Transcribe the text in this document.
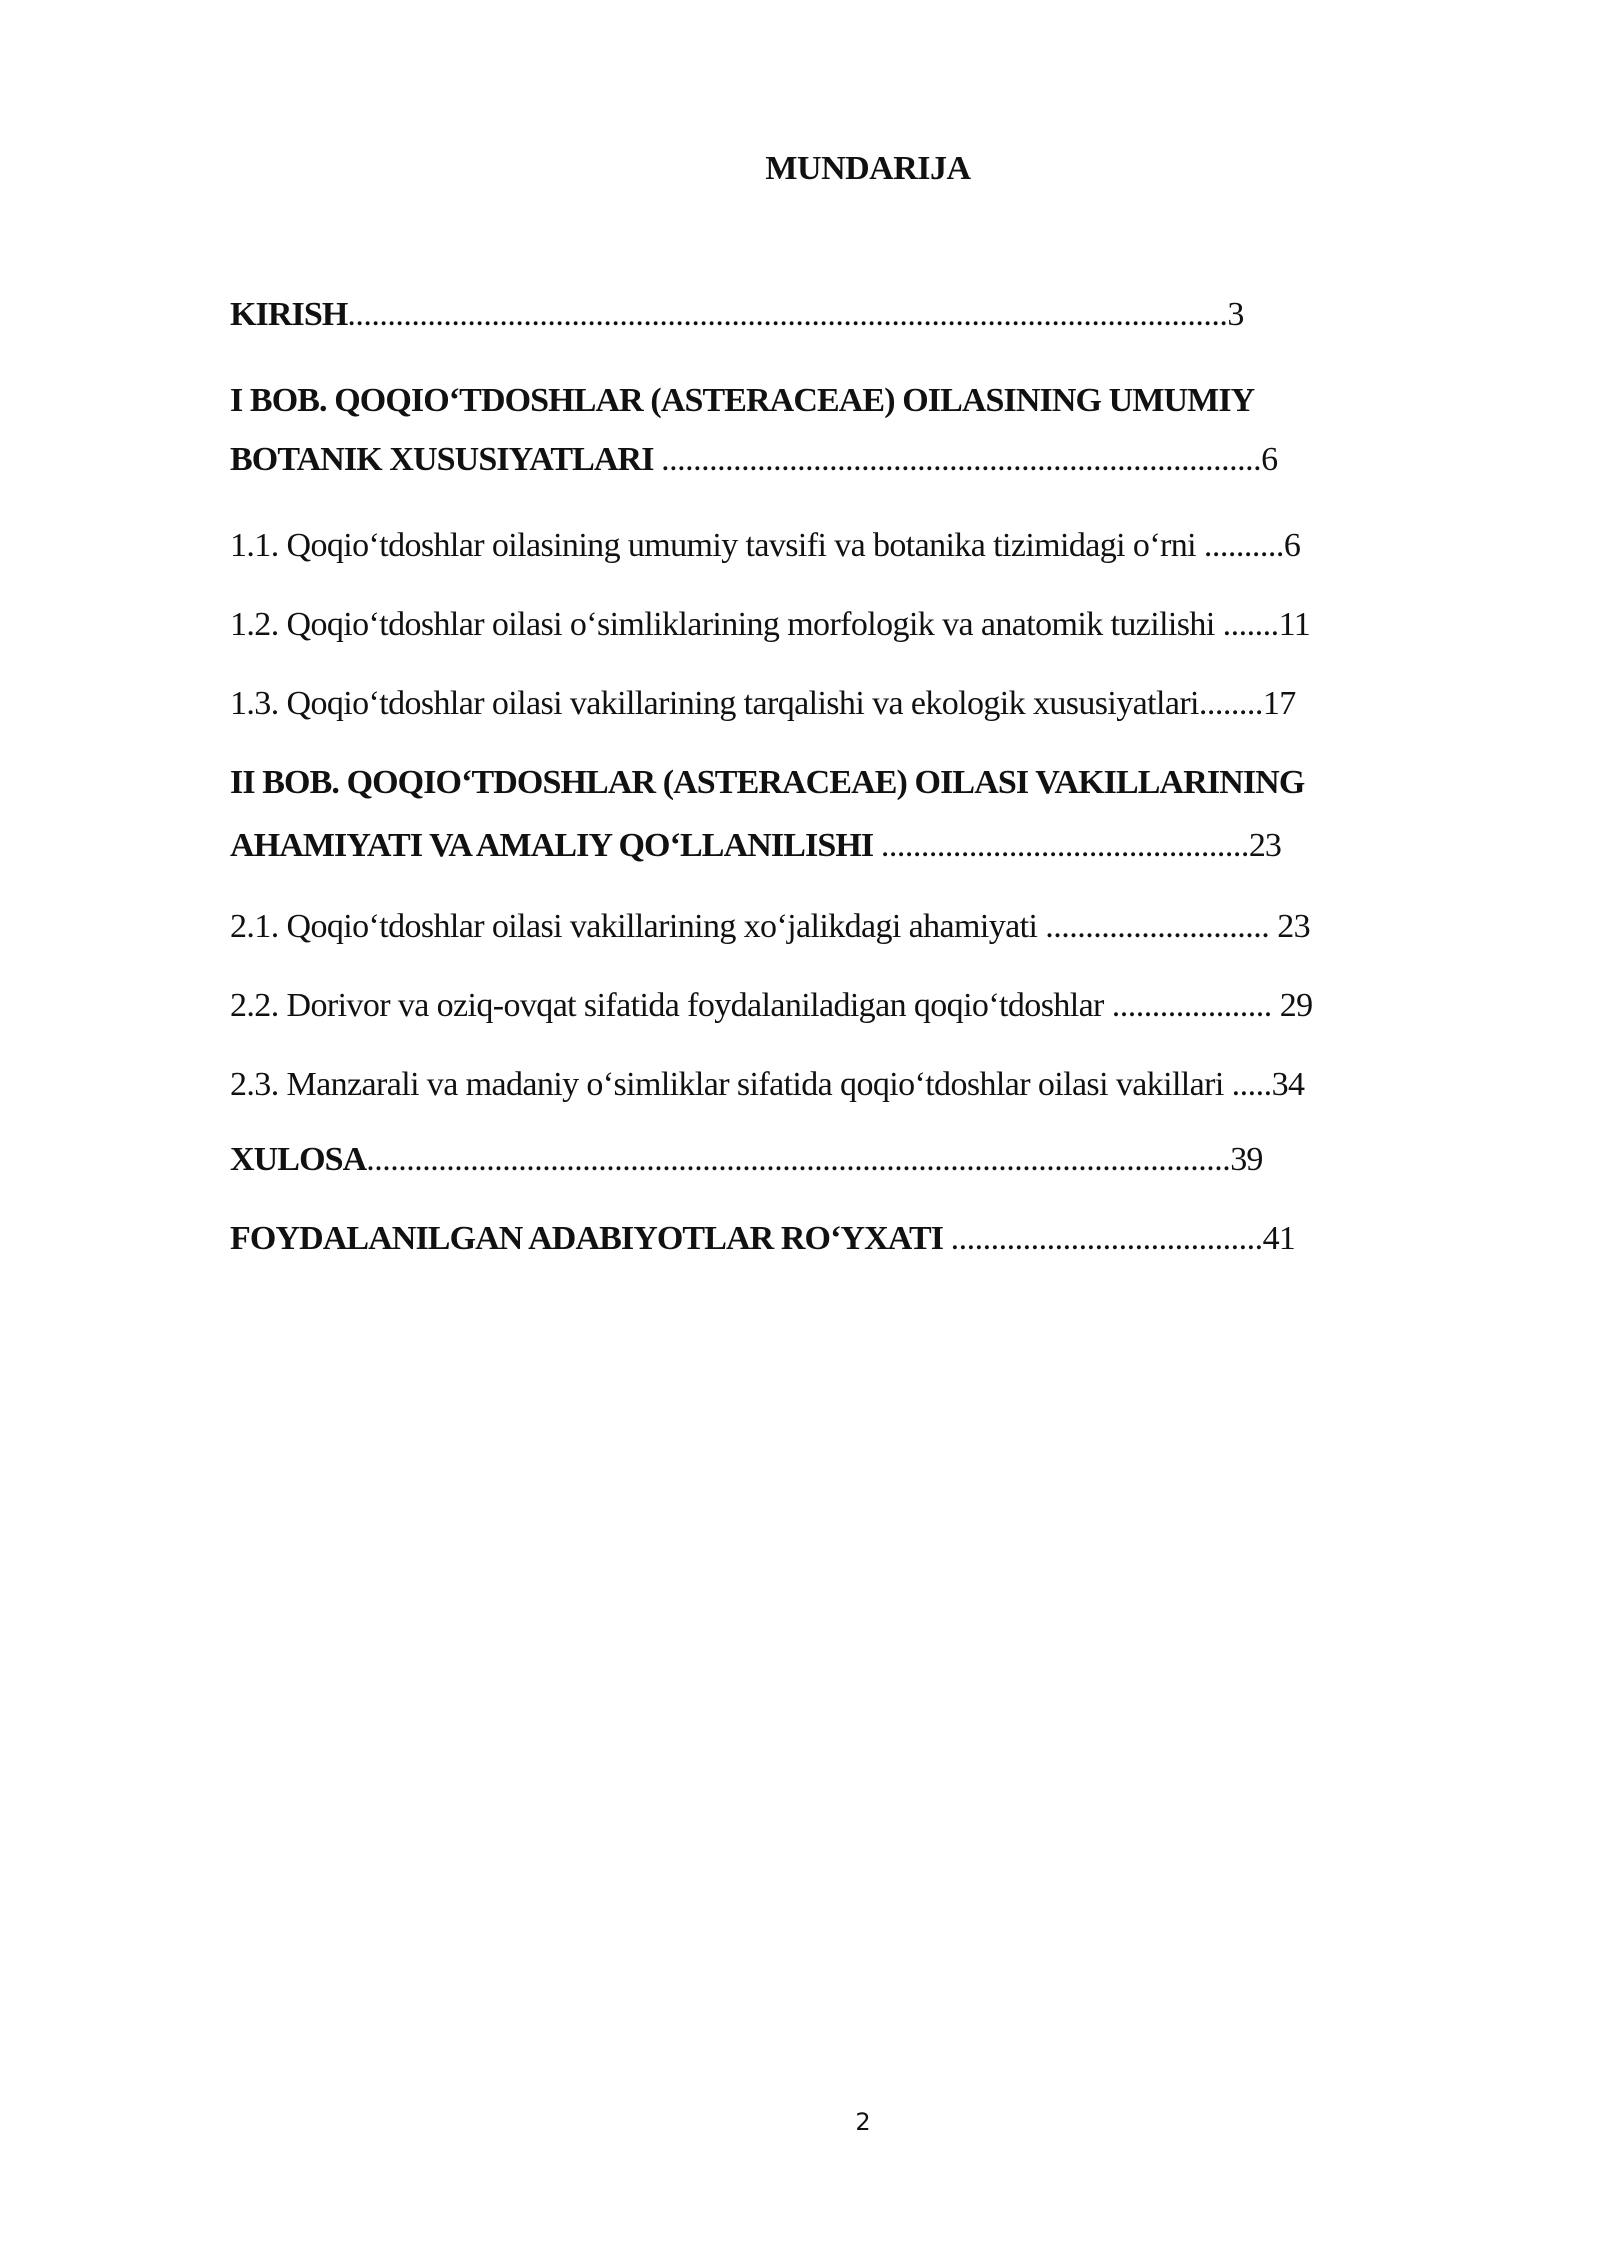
MUNDARIJA
KIRISH..............................................................................................................3
I BOB. QOQIO‘TDOSHLAR (ASTERACEAE) OILASINING UMUMIY
BOTANIK XUSUSIYATLARI ...........................................................................6
1.1. Qoqio‘tdoshlar oilasining umumiy tavsifi va botanika tizimidagi o‘rni ..........6
1.2. Qoqio‘tdoshlar oilasi o‘simliklarining morfologik va anatomik tuzilishi .......11
1.3. Qoqio‘tdoshlar oilasi vakillarining tarqalishi va ekologik xususiyatlari........17
II BOB. QOQIO‘TDOSHLAR (ASTERACEAE) OILASI VAKILLARINING
AHAMIYATI VA AMALIY QO‘LLANILISHI ..............................................23
2.1. Qoqio‘tdoshlar oilasi vakillarining xo‘jalikdagi ahamiyati ............................ 23
2.2. Dorivor va oziq-ovqat sifatida foydalaniladigan qoqio‘tdoshlar .................... 29
2.3. Manzarali va madaniy o‘simliklar sifatida qoqio‘tdoshlar oilasi vakillari .....34
XULOSA............................................................................................................39
FOYDALANILGAN ADABIYOTLAR RO‘YXATI .......................................41
2
